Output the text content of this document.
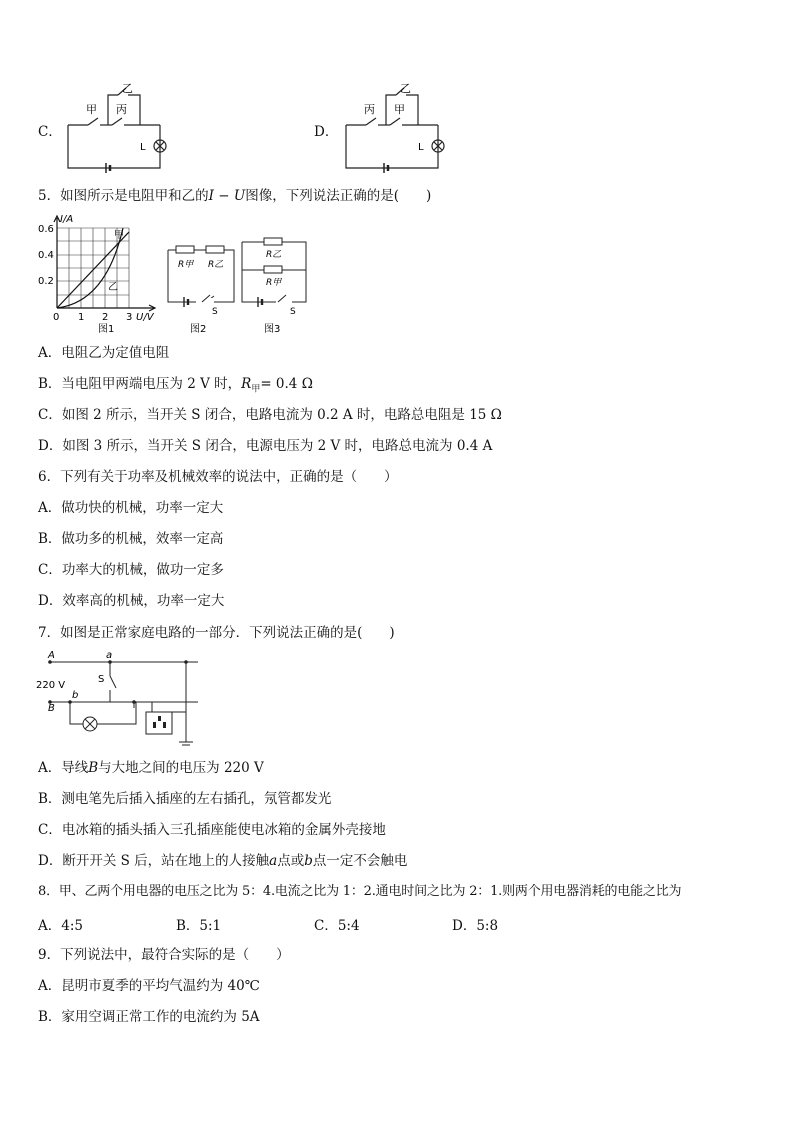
C．
甲 丙
乙
L
D．
丙 甲
乙
L
5．如图所示是电阻甲和乙的I − U图像，下列说法正确的是(　　)
I/A
0.6
0.4
0.2
0 1 2 3 U/V
甲
乙
图1
R甲 R乙
S
图2
R乙
R甲
S
图3
A．电阻乙为定值电阻
B．当电阻甲两端电压为 2 V 时，$R_甲= 0.4$ Ω
C．如图 2 所示，当开关 S 闭合，电路电流为 0.2 A 时，电路总电阻是 15 Ω
D．如图 3 所示，当开关 S 闭合，电源电压为 2 V 时，电路总电流为 0.4 A
6．下列有关于功率及机械效率的说法中，正确的是（　　）
A．做功快的机械，功率一定大
B．做功多的机械，效率一定高
C．功率大的机械，做功一定多
D．效率高的机械，功率一定大
7．如图是正常家庭电路的一部分．下列说法正确的是(　　)
A
220 V
B
a
b
S
A．导线B与大地之间的电压为 220 V
B．测电笔先后插入插座的左右插孔，氖管都发光
C．电冰箱的插头插入三孔插座能使电冰箱的金属外壳接地
D．断开开关 S 后，站在地上的人接触a点或b点一定不会触电
8．甲、乙两个用电器的电压之比为 5：4.电流之比为 1：2.通电时间之比为 2：1.则两个用电器消耗的电能之比为
A．4:5	B．5:1	C．5:4	D．5:8
9．下列说法中，最符合实际的是（　　）
A．昆明市夏季的平均气温约为 40℃
B．家用空调正常工作的电流约为 5A
